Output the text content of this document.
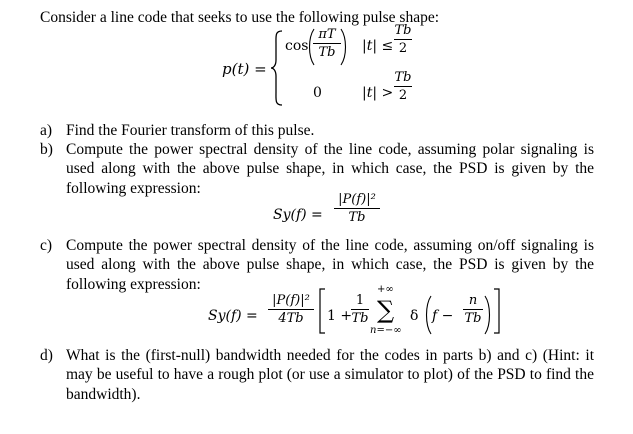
Consider a line code that seeks to use the following pulse shape:
p(t) =
cos
πT
Tb	|t| ≤
Tb
2
0	|t| >
Tb
2
a) Find the Fourier transform of this pulse.
b) Compute the power spectral density of the line code, assuming polar signaling is used along with the above pulse shape, in which case, the PSD is given by the following expression:
Sy(f) =
|P(f)|²
Tb
c) Compute the power spectral density of the line code, assuming on/off signaling is used along with the above pulse shape, in which case, the PSD is given by the following expression:
Sy(f) =
|P(f)|²
4Tb	1 +
1
Tb
+∞
∑
n=−∞
δ f −
n
Tb
d) What is the (first-null) bandwidth needed for the codes in parts b) and c) (Hint: it may be useful to have a rough plot (or use a simulator to plot) of the PSD to find the bandwidth).
